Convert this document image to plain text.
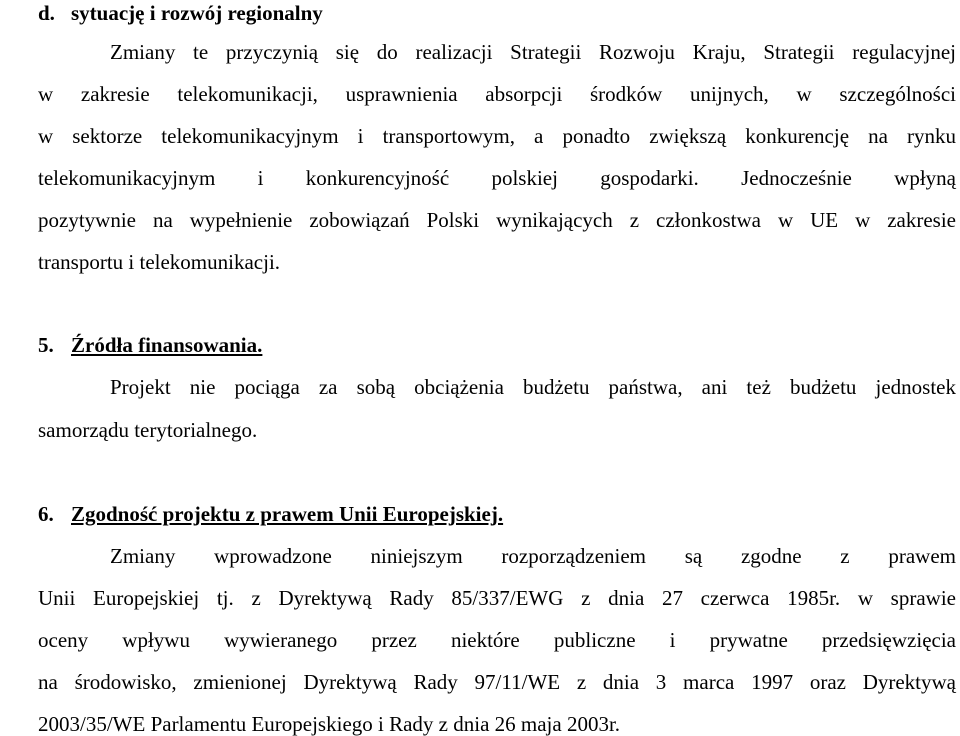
d. sytuację i rozwój regionalny
Zmiany te przyczynią się do realizacji Strategii Rozwoju Kraju, Strategii regulacyjnej
w zakresie telekomunikacji, usprawnienia absorpcji środków unijnych, w szczególności
w sektorze telekomunikacyjnym i transportowym, a ponadto zwiększą konkurencję na rynku
telekomunikacyjnym i konkurencyjność polskiej gospodarki. Jednocześnie wpłyną
pozytywnie na wypełnienie zobowiązań Polski wynikających z członkostwa w UE w zakresie
transportu i telekomunikacji.
5. Źródła finansowania.
Projekt nie pociąga za sobą obciążenia budżetu państwa, ani też budżetu jednostek
samorządu terytorialnego.
6. Zgodność projektu z prawem Unii Europejskiej.
Zmiany wprowadzone niniejszym rozporządzeniem są zgodne z prawem
Unii Europejskiej tj. z Dyrektywą Rady 85/337/EWG z dnia 27 czerwca 1985r. w sprawie
oceny wpływu wywieranego przez niektóre publiczne i prywatne przedsięwzięcia
na środowisko, zmienionej Dyrektywą Rady 97/11/WE z dnia 3 marca 1997 oraz Dyrektywą
2003/35/WE Parlamentu Europejskiego i Rady z dnia 26 maja 2003r.
